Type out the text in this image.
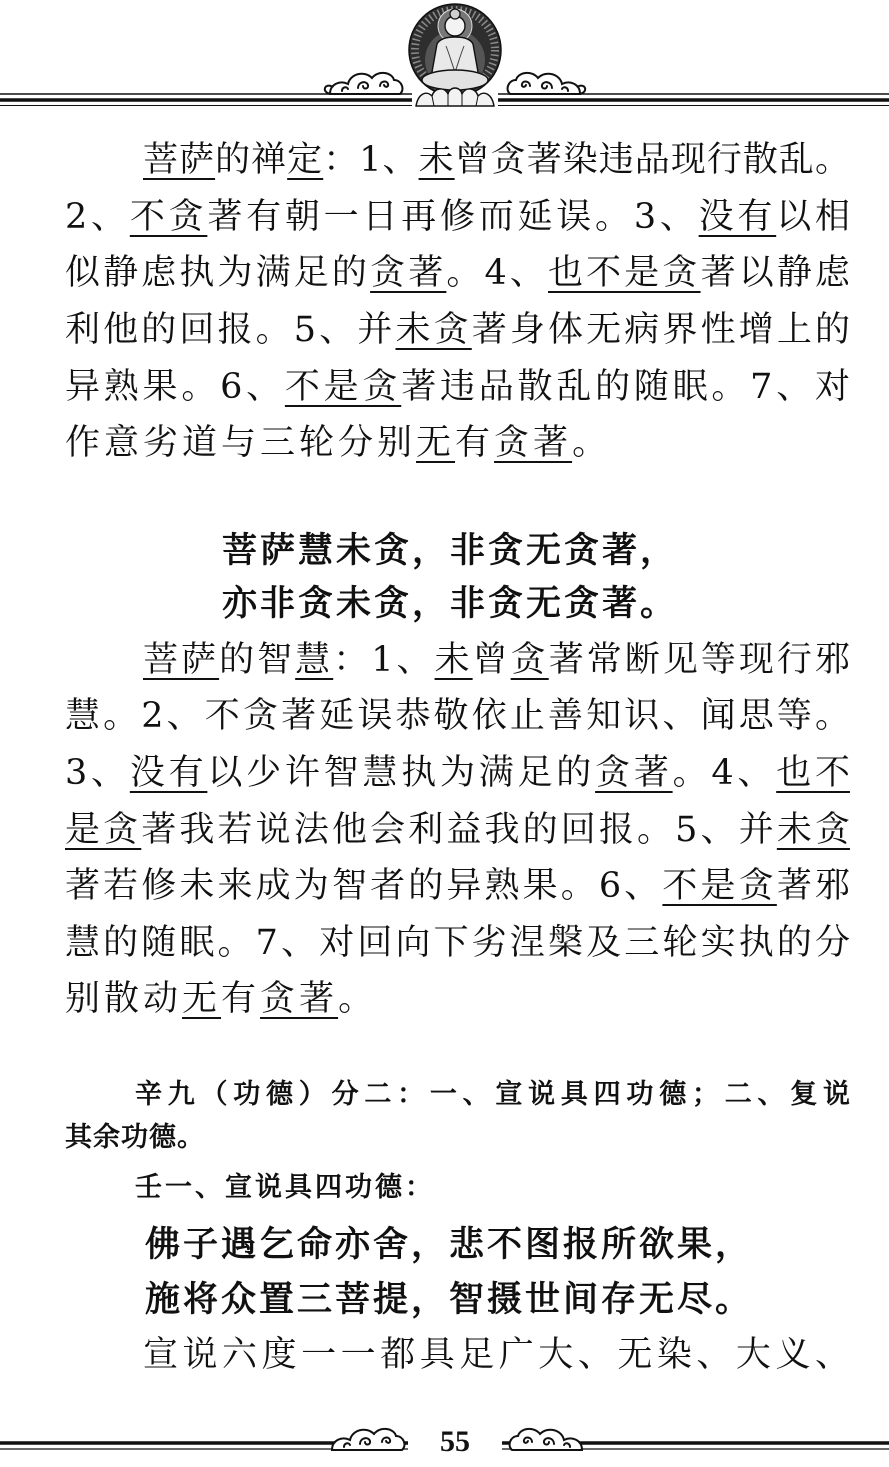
菩萨的禅定：1、未曾贪著染违品现行散乱。
2、不贪著有朝一日再修而延误。3、没有以相
似静虑执为满足的贪著。4、也不是贪著以静虑
利他的回报。5、并未贪著身体无病界性增上的
异熟果。6、不是贪著违品散乱的随眠。7、对
作意劣道与三轮分别无有贪著。
菩萨慧未贪，非贪无贪著，
亦非贪未贪，非贪无贪著。
菩萨的智慧：1、未曾贪著常断见等现行邪
慧。2、不贪著延误恭敬依止善知识、闻思等。
3、没有以少许智慧执为满足的贪著。4、也不
是贪著我若说法他会利益我的回报。5、并未贪
著若修未来成为智者的异熟果。6、不是贪著邪
慧的随眠。7、对回向下劣涅槃及三轮实执的分
别散动无有贪著。
辛九（功德）分二：一、宣说具四功德；二、复说
其余功德。
壬一、宣说具四功德：
佛子遇乞命亦舍，悲不图报所欲果，
施将众置三菩提，智摄世间存无尽。
宣说六度一一都具足广大、无染、大义、
55
